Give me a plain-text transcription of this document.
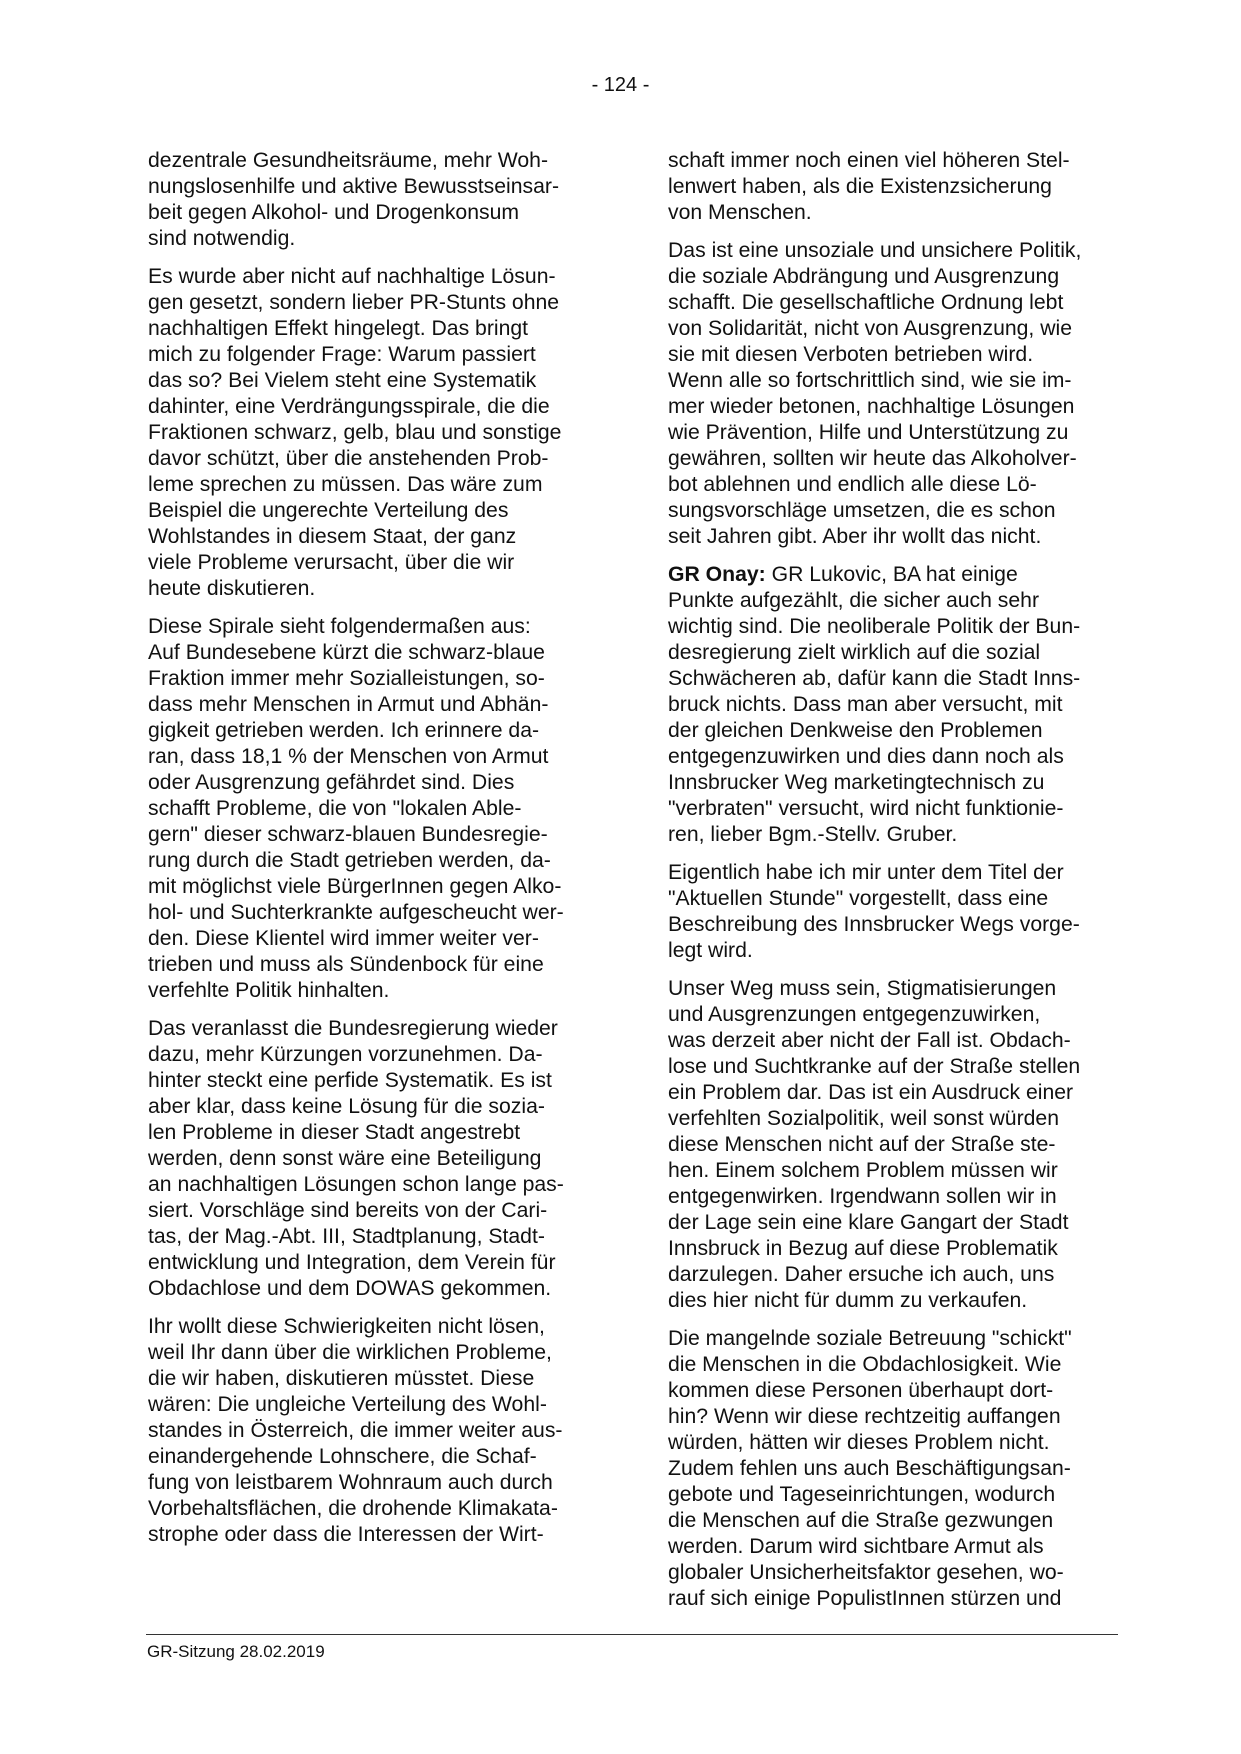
- 124 -
dezentrale Gesundheitsräume, mehr Woh-
nungslosenhilfe und aktive Bewusstseinsar-
beit gegen Alkohol- und Drogenkonsum
sind notwendig.
Es wurde aber nicht auf nachhaltige Lösun-
gen gesetzt, sondern lieber PR-Stunts ohne
nachhaltigen Effekt hingelegt. Das bringt
mich zu folgender Frage: Warum passiert
das so? Bei Vielem steht eine Systematik
dahinter, eine Verdrängungsspirale, die die
Fraktionen schwarz, gelb, blau und sonstige
davor schützt, über die anstehenden Prob-
leme sprechen zu müssen. Das wäre zum
Beispiel die ungerechte Verteilung des
Wohlstandes in diesem Staat, der ganz
viele Probleme verursacht, über die wir
heute diskutieren.
Diese Spirale sieht folgendermaßen aus:
Auf Bundesebene kürzt die schwarz-blaue
Fraktion immer mehr Sozialleistungen, so-
dass mehr Menschen in Armut und Abhän-
gigkeit getrieben werden. Ich erinnere da-
ran, dass 18,1 % der Menschen von Armut
oder Ausgrenzung gefährdet sind. Dies
schafft Probleme, die von "lokalen Able-
gern" dieser schwarz-blauen Bundesregie-
rung durch die Stadt getrieben werden, da-
mit möglichst viele BürgerInnen gegen Alko-
hol- und Suchterkrankte aufgescheucht wer-
den. Diese Klientel wird immer weiter ver-
trieben und muss als Sündenbock für eine
verfehlte Politik hinhalten.
Das veranlasst die Bundesregierung wieder
dazu, mehr Kürzungen vorzunehmen. Da-
hinter steckt eine perfide Systematik. Es ist
aber klar, dass keine Lösung für die sozia-
len Probleme in dieser Stadt angestrebt
werden, denn sonst wäre eine Beteiligung
an nachhaltigen Lösungen schon lange pas-
siert. Vorschläge sind bereits von der Cari-
tas, der Mag.-Abt. III, Stadtplanung, Stadt-
entwicklung und Integration, dem Verein für
Obdachlose und dem DOWAS gekommen.
Ihr wollt diese Schwierigkeiten nicht lösen,
weil Ihr dann über die wirklichen Probleme,
die wir haben, diskutieren müsstet. Diese
wären: Die ungleiche Verteilung des Wohl-
standes in Österreich, die immer weiter aus-
einandergehende Lohnschere, die Schaf-
fung von leistbarem Wohnraum auch durch
Vorbehaltsflächen, die drohende Klimakata-
strophe oder dass die Interessen der Wirt-
schaft immer noch einen viel höheren Stel-
lenwert haben, als die Existenzsicherung
von Menschen.
Das ist eine unsoziale und unsichere Politik,
die soziale Abdrängung und Ausgrenzung
schafft. Die gesellschaftliche Ordnung lebt
von Solidarität, nicht von Ausgrenzung, wie
sie mit diesen Verboten betrieben wird.
Wenn alle so fortschrittlich sind, wie sie im-
mer wieder betonen, nachhaltige Lösungen
wie Prävention, Hilfe und Unterstützung zu
gewähren, sollten wir heute das Alkoholver-
bot ablehnen und endlich alle diese Lö-
sungsvorschläge umsetzen, die es schon
seit Jahren gibt. Aber ihr wollt das nicht.
GR Onay: GR Lukovic, BA hat einige
Punkte aufgezählt, die sicher auch sehr
wichtig sind. Die neoliberale Politik der Bun-
desregierung zielt wirklich auf die sozial
Schwächeren ab, dafür kann die Stadt Inns-
bruck nichts. Dass man aber versucht, mit
der gleichen Denkweise den Problemen
entgegenzuwirken und dies dann noch als
Innsbrucker Weg marketingtechnisch zu
"verbraten" versucht, wird nicht funktionie-
ren, lieber Bgm.-Stellv. Gruber.
Eigentlich habe ich mir unter dem Titel der
"Aktuellen Stunde" vorgestellt, dass eine
Beschreibung des Innsbrucker Wegs vorge-
legt wird.
Unser Weg muss sein, Stigmatisierungen
und Ausgrenzungen entgegenzuwirken,
was derzeit aber nicht der Fall ist. Obdach-
lose und Suchtkranke auf der Straße stellen
ein Problem dar. Das ist ein Ausdruck einer
verfehlten Sozialpolitik, weil sonst würden
diese Menschen nicht auf der Straße ste-
hen. Einem solchem Problem müssen wir
entgegenwirken. Irgendwann sollen wir in
der Lage sein eine klare Gangart der Stadt
Innsbruck in Bezug auf diese Problematik
darzulegen. Daher ersuche ich auch, uns
dies hier nicht für dumm zu verkaufen.
Die mangelnde soziale Betreuung "schickt"
die Menschen in die Obdachlosigkeit. Wie
kommen diese Personen überhaupt dort-
hin? Wenn wir diese rechtzeitig auffangen
würden, hätten wir dieses Problem nicht.
Zudem fehlen uns auch Beschäftigungsan-
gebote und Tageseinrichtungen, wodurch
die Menschen auf die Straße gezwungen
werden. Darum wird sichtbare Armut als
globaler Unsicherheitsfaktor gesehen, wo-
rauf sich einige PopulistInnen stürzen und
GR-Sitzung 28.02.2019
